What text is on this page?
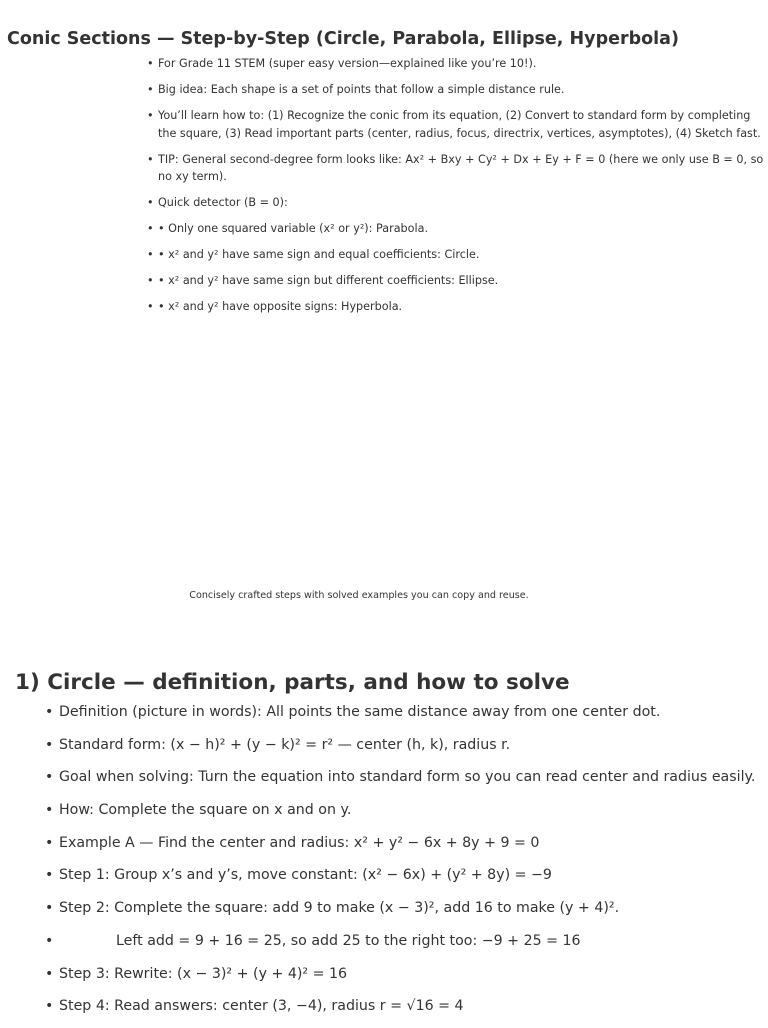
Conic Sections — Step-by-Step (Circle, Parabola, Ellipse, Hyperbola)
• For Grade 11 STEM (super easy version—explained like you’re 10!).
• Big idea: Each shape is a set of points that follow a simple distance rule.
• You’ll learn how to: (1) Recognize the conic from its equation, (2) Convert to standard form by completing the square, (3) Read important parts (center, radius, focus, directrix, vertices, asymptotes), (4) Sketch fast.
• TIP: General second-degree form looks like: Ax² + Bxy + Cy² + Dx + Ey + F = 0 (here we only use B = 0, so no xy term).
• Quick detector (B = 0):
• • Only one squared variable (x² or y²): Parabola.
• • x² and y² have same sign and equal coefficients: Circle.
• • x² and y² have same sign but different coefficients: Ellipse.
• • x² and y² have opposite signs: Hyperbola.

Concisely crafted steps with solved examples you can copy and reuse.

1) Circle — definition, parts, and how to solve
• Definition (picture in words): All points the same distance away from one center dot.
• Standard form: (x − h)² + (y − k)² = r² — center (h, k), radius r.
• Goal when solving: Turn the equation into standard form so you can read center and radius easily.
• How: Complete the square on x and on y.
• Example A — Find the center and radius: x² + y² − 6x + 8y + 9 = 0
• Step 1: Group x’s and y’s, move constant: (x² − 6x) + (y² + 8y) = −9
• Step 2: Complete the square: add 9 to make (x − 3)², add 16 to make (y + 4)².
• Left add = 9 + 16 = 25, so add 25 to the right too: −9 + 25 = 16
• Step 3: Rewrite: (x − 3)² + (y + 4)² = 16
• Step 4: Read answers: center (3, −4), radius r = √16 = 4
